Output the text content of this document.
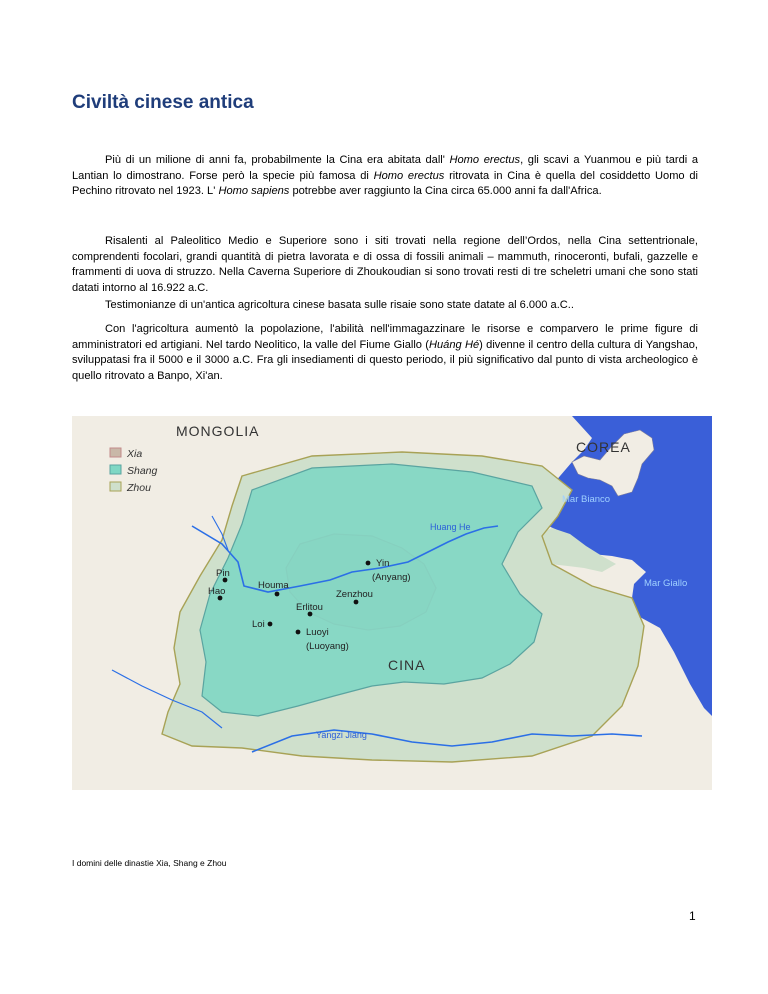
Civiltà cinese antica

Più di un milione di anni fa, probabilmente la Cina era abitata dall' Homo erectus, gli scavi a Yuanmou e più tardi a Lantian lo dimostrano. Forse però la specie più famosa di Homo erectus ritrovata in Cina è quella del cosiddetto Uomo di Pechino ritrovato nel 1923. L' Homo sapiens potrebbe aver raggiunto la Cina circa 65.000 anni fa dall'Africa.

Risalenti al Paleolitico Medio e Superiore sono i siti trovati nella regione dell’Ordos, nella Cina settentrionale, comprendenti focolari, grandi quantità di pietra lavorata e di ossa di fossili animali – mammuth, rinoceronti, bufali, gazzelle e frammenti di uova di struzzo. Nella Caverna Superiore di Zhoukoudian si sono trovati resti di tre scheletri umani che sono stati datati intorno al 16.922 a.C.

Testimonianze di un'antica agricoltura cinese basata sulle risaie sono state datate al 6.000 a.C..

Con l'agricoltura aumentò la popolazione, l'abilità nell'immagazzinare le risorse e comparvero le prime figure di amministratori ed artigiani. Nel tardo Neolitico, la valle del Fiume Giallo (Huáng Hé) divenne il centro della cultura di Yangshao, sviluppatasi fra il 5000 e il 3000 a.C. Fra gli insediamenti di questo periodo, il più significativo dal punto di vista archeologico è quello ritrovato a Banpo, Xi'an.

Xia
Shang
Zhou
MONGOLIA
COREA
CINA
Mar Bianco
Mar Giallo
Huang He
Yangzi Jiang
Yin
(Anyang)
Pin
Hao
Houma
Zenzhou
Erlitou
Loi
Luoyi
(Luoyang)

I domini delle dinastie Xia, Shang e Zhou

1
